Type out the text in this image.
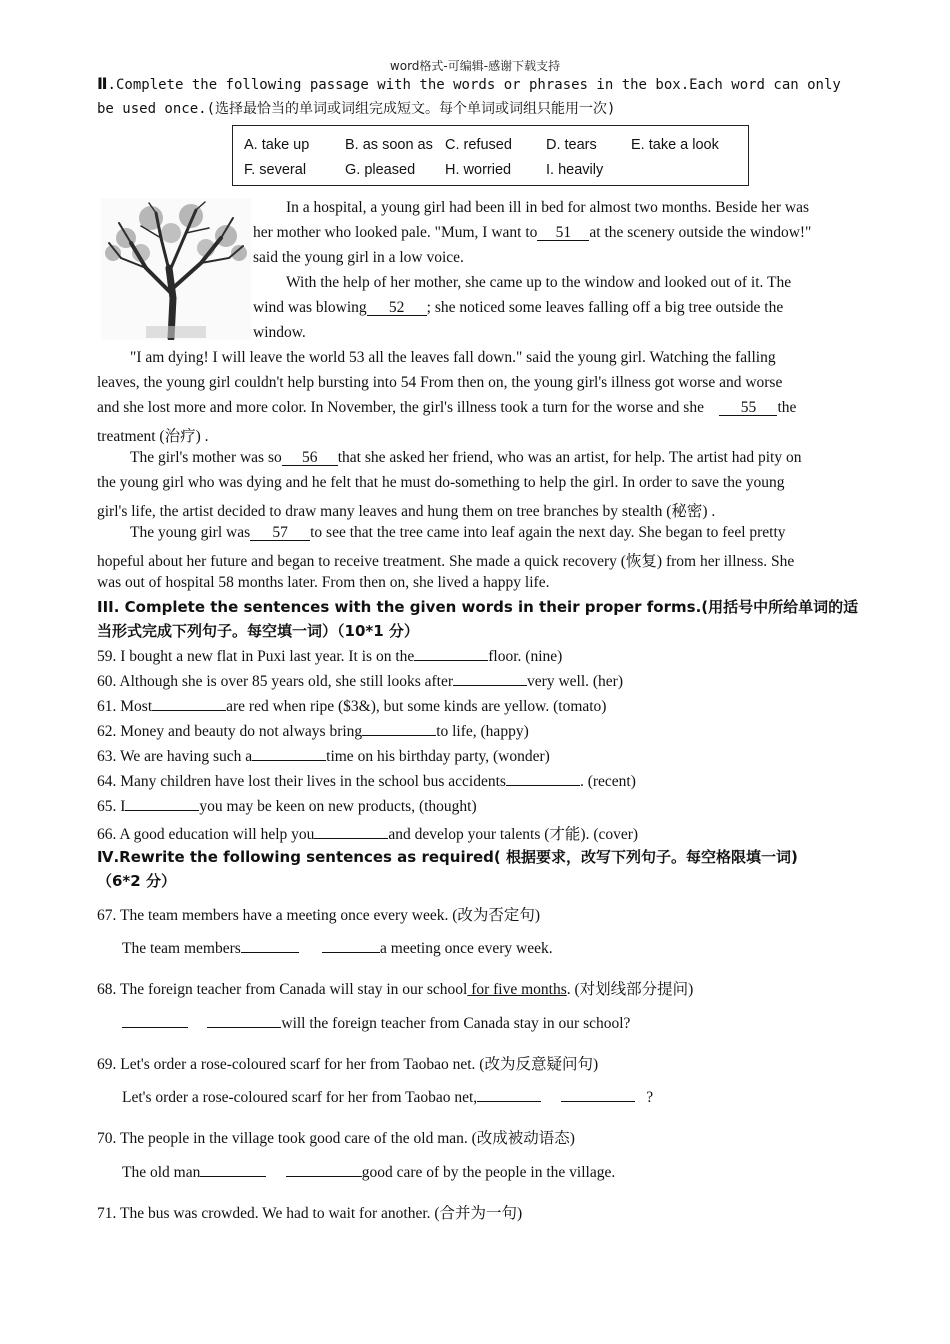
word格式-可编辑-感谢下载支持
Ⅱ.Complete the following passage with the words or phrases in the box.Each word can only
be used once.(选择最恰当的单词或词组完成短文。每个单词或词组只能用一次)
A. take up B. as soon as C. refused D. tears E. take a look
F. several	G. pleased H. worried I. heavily
In a hospital, a young girl had been ill in bed for almost two months. Beside her was
her mother who looked pale. "Mum, I want to 51 at the scenery outside the window!"
said the young girl in a low voice.
With the help of her mother, she came up to the window and looked out of it. The
wind was blowing 52 ; she noticed some leaves falling off a big tree outside the
window.
"I am dying! I will leave the world 53 all the leaves fall down." said the young girl. Watching the falling
leaves, the young girl couldn't help bursting into 54 From then on, the young girl's illness got worse and worse
and she lost more and more color. In November, the girl's illness took a turn for the worse and she 55 the
treatment (治疗) .
The girl's mother was so 56 that she asked her friend, who was an artist, for help. The artist had pity on
the young girl who was dying and he felt that he must do-something to help the girl. In order to save the young
girl's life, the artist decided to draw many leaves and hung them on tree branches by stealth (秘密) .
The young girl was 57 to see that the tree came into leaf again the next day. She began to feel pretty
hopeful about her future and began to receive treatment. She made a quick recovery (恢复) from her illness. She
was out of hospital 58 months later. From then on, she lived a happy life.
III. Complete the sentences with the given words in their proper forms.(用括号中所给单词的适
当形式完成下列句子。每空填一词）（10*1 分）
59. I bought a new flat in Puxi last year. It is on the	floor. (nine)
60. Although she is over 85 years old, she still looks after	very well. (her)
61. Most	are red when ripe ($3&), but some kinds are yellow. (tomato)
62. Money and beauty do not always bring	to life, (happy)
63. We are having such a	time on his birthday party, (wonder)
64. Many children have lost their lives in the school bus accidents	. (recent)
65. I	you may be keen on new products, (thought)
66. A good education will help you	and develop your talents (才能). (cover)
Ⅳ.Rewrite the following sentences as required( 根据要求，改写下列句子。每空格限填一词)
（6*2 分）
67. The team members have a meeting once every week. (改为否定句)
The team members	a meeting once every week.
68. The foreign teacher from Canada will stay in our school for five months. (对划线部分提问)
will the foreign teacher from Canada stay in our school?
69. Let's order a rose-coloured scarf for her from Taobao net. (改为反意疑问句)
Let's order a rose-coloured scarf for her from Taobao net,	?
70. The people in the village took good care of the old man. (改成被动语态)
The old man	good care of by the people in the village.
71. The bus was crowded. We had to wait for another. (合并为一句)
